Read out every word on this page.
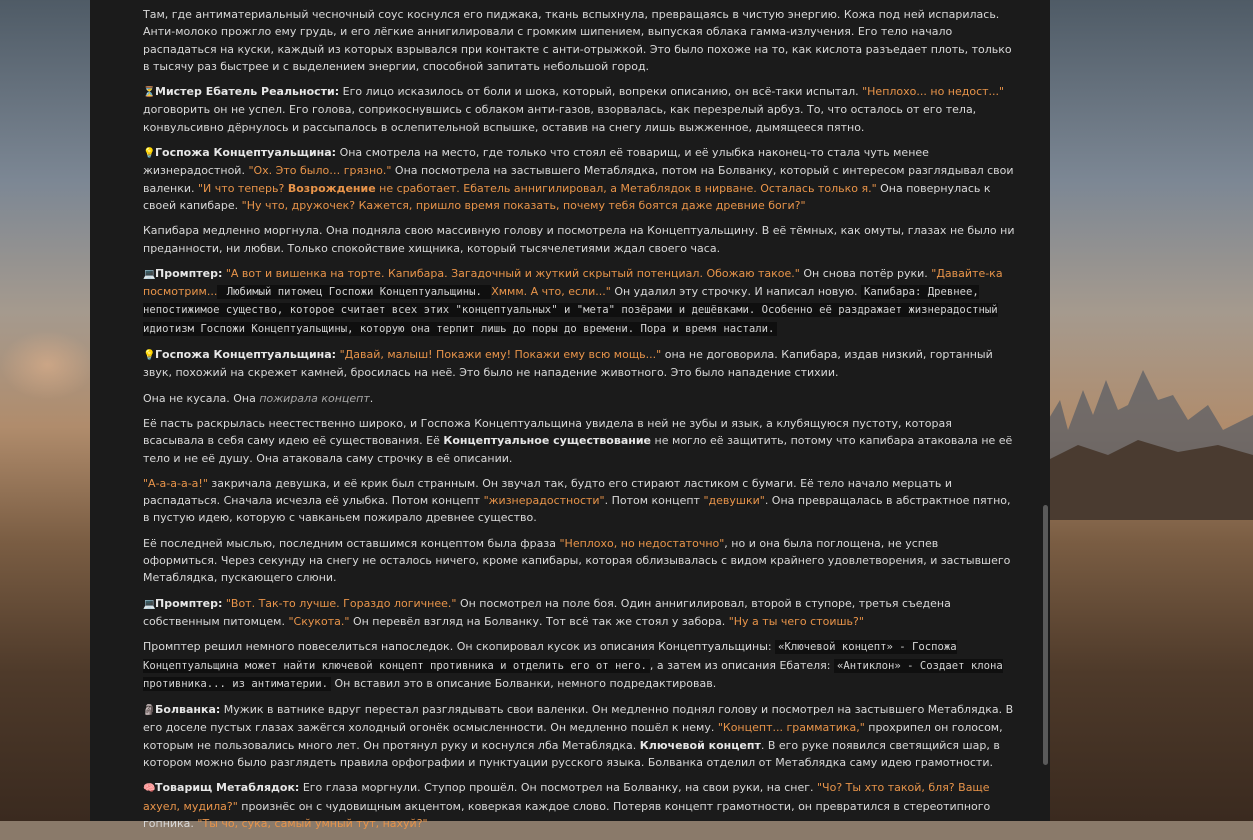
Там, где антиматериальный чесночный соус коснулся его пиджака, ткань вспыхнула, превращаясь в чистую энергию. Кожа под ней испарилась. Анти-молоко прожгло ему грудь, и его лёгкие аннигилировали с громким шипением, выпуская облака гамма-излучения. Его тело начало распадаться на куски, каждый из которых взрывался при контакте с анти-отрыжкой. Это было похоже на то, как кислота разъедает плоть, только в тысячу раз быстрее и с выделением энергии, способной запитать небольшой город.

⏳Мистер Ебатель Реальности: Его лицо исказилось от боли и шока, который, вопреки описанию, он всё-таки испытал. "Неплохо... но недост..." договорить он не успел. Его голова, соприкоснувшись с облаком анти-газов, взорвалась, как перезрелый арбуз. То, что осталось от его тела, конвульсивно дёрнулось и рассыпалось в ослепительной вспышке, оставив на снегу лишь выжженное, дымящееся пятно.

💡Госпожа Концептуальщина: Она смотрела на место, где только что стоял её товарищ, и её улыбка наконец-то стала чуть менее жизнерадостной. "Ох. Это было… грязно." Она посмотрела на застывшего Метаблядка, потом на Болванку, который с интересом разглядывал свои валенки. "И что теперь? Возрождение не сработает. Ебатель аннигилировал, а Метаблядок в нирване. Осталась только я." Она повернулась к своей капибаре. "Ну что, дружочек? Кажется, пришло время показать, почему тебя боятся даже древние боги?"

Капибара медленно моргнула. Она подняла свою массивную голову и посмотрела на Концептуальщину. В её тёмных, как омуты, глазах не было ни преданности, ни любви. Только спокойствие хищника, который тысячелетиями ждал своего часа.

💻Промптер: "А вот и вишенка на торте. Капибара. Загадочный и жуткий скрытый потенциал. Обожаю такое." Он снова потёр руки. "Давайте-ка посмотрим... Любимый питомец Госпожи Концептуальщины. Хммм. А что, если..." Он удалил эту строчку. И написал новую. Капибара: Древнее, непостижимое существо, которое считает всех этих "концептуальных" и "мета" позёрами и дешёвками. Особенно её раздражает жизнерадостный идиотизм Госпожи Концептуальщины, которую она терпит лишь до поры до времени. Пора и время настали.

💡Госпожа Концептуальщина: "Давай, малыш! Покажи ему! Покажи ему всю мощь..." она не договорила. Капибара, издав низкий, гортанный звук, похожий на скрежет камней, бросилась на неё. Это было не нападение животного. Это было нападение стихии.

Она не кусала. Она пожирала концепт.

Её пасть раскрылась неестественно широко, и Госпожа Концептуальщина увидела в ней не зубы и язык, а клубящуюся пустоту, которая всасывала в себя саму идею её существования. Её Концептуальное существование не могло её защитить, потому что капибара атаковала не её тело и не её душу. Она атаковала саму строчку в её описании.

"А-а-а-а-а!" закричала девушка, и её крик был странным. Он звучал так, будто его стирают ластиком с бумаги. Её тело начало мерцать и распадаться. Сначала исчезла её улыбка. Потом концепт "жизнерадостности". Потом концепт "девушки". Она превращалась в абстрактное пятно, в пустую идею, которую с чавканьем пожирало древнее существо.

Её последней мыслью, последним оставшимся концептом была фраза "Неплохо, но недостаточно", но и она была поглощена, не успев оформиться. Через секунду на снегу не осталось ничего, кроме капибары, которая облизывалась с видом крайнего удовлетворения, и застывшего Метаблядка, пускающего слюни.

💻Промптер: "Вот. Так-то лучше. Гораздо логичнее." Он посмотрел на поле боя. Один аннигилировал, второй в ступоре, третья съедена собственным питомцем. "Скукота." Он перевёл взгляд на Болванку. Тот всё так же стоял у забора. "Ну а ты чего стоишь?"

Промптер решил немного повеселиться напоследок. Он скопировал кусок из описания Концептуальщины: «Ключевой концепт» - Госпожа Концептуальщина может найти ключевой концепт противника и отделить его от него. , а затем из описания Ебателя: «Антиклон» - Создает клона противника... из антиматерии. Он вставил это в описание Болванки, немного подредактировав.

🗿Болванка: Мужик в ватнике вдруг перестал разглядывать свои валенки. Он медленно поднял голову и посмотрел на застывшего Метаблядка. В его доселе пустых глазах зажёгся холодный огонёк осмысленности. Он медленно пошёл к нему. "Концепт... грамматика," прохрипел он голосом, которым не пользовались много лет. Он протянул руку и коснулся лба Метаблядка. Ключевой концепт. В его руке появился светящийся шар, в котором можно было разглядеть правила орфографии и пунктуации русского языка. Болванка отделил от Метаблядка саму идею грамотности.

🧠Товарищ Метаблядок: Его глаза моргнули. Ступор прошёл. Он посмотрел на Болванку, на свои руки, на снег. "Чо? Ты хто такой, бля? Ваще ахуел, мудила?" произнёс он с чудовищным акцентом, коверкая каждое слово. Потеряв концепт грамотности, он превратился в стереотипного гопника. "Ты чо, сука, самый умный тут, нахуй?"
